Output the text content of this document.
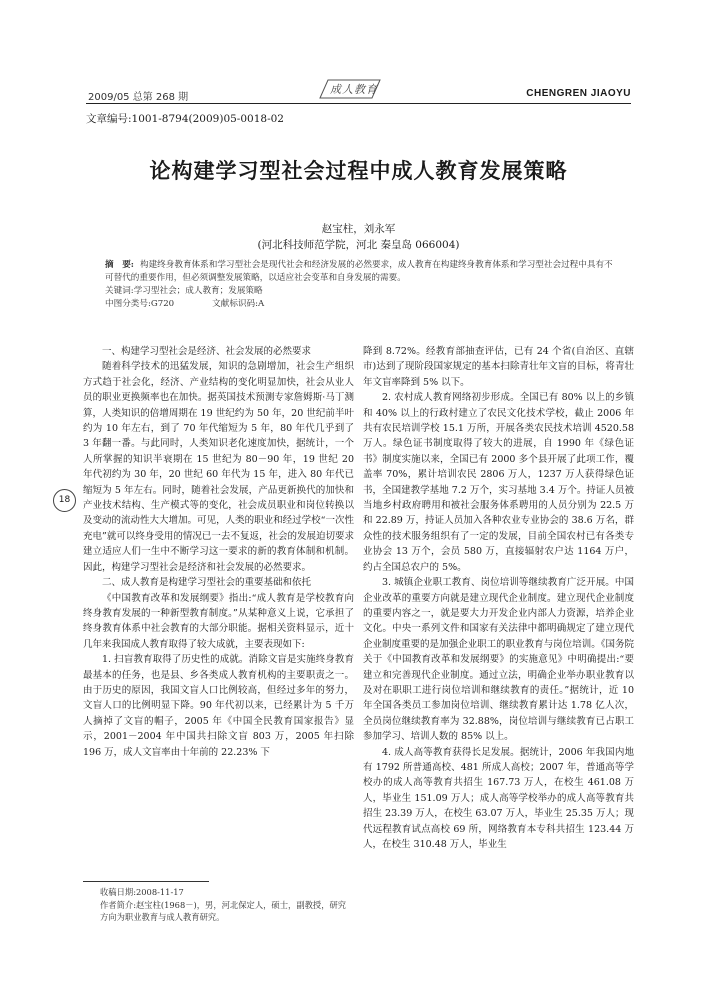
2009/05 总第 268 期
成 人 教 育	CHENGREN JIAOYU
文章编号:1001-8794(2009)05-0018-02
论构建学习型社会过程中成人教育发展策略
赵宝柱，刘永军
(河北科技师范学院，河北 秦皇岛 066004)

摘　要: 构建终身教育体系和学习型社会是现代社会和经济发展的必然要求，成人教育在构建终身教育体系和学习型社会过程中具有不可替代的重要作用，但必须调整发展策略，以适应社会变革和自身发展的需要。

关键词:学习型社会；成人教育；发展策略

中图分类号:G720	文献标识码:A

18

一、构建学习型社会是经济、社会发展的必然要求

随着科学技术的迅猛发展，知识的急剧增加，社会生产组织方式趋于社会化，经济、产业结构的变化明显加快，社会从业人员的职业更换频率也在加快。据英国技术预测专家詹姆斯·马丁测算，人类知识的倍增周期在 19 世纪约为 50 年，20 世纪前半叶约为 10 年左右，到了 70 年代缩短为 5 年，80 年代几乎到了 3 年翻一番。与此同时，人类知识老化速度加快，据统计，一个人所掌握的知识半衰期在 15 世纪为 80－90 年，19 世纪 20 年代初约为 30 年，20 世纪 60 年代为 15 年，进入 80 年代已缩短为 5 年左右。同时，随着社会发展，产品更新换代的加快和产业技术结构、生产模式等的变化，社会成员职业和岗位转换以及变动的流动性大大增加。可见，人类的职业和经过学校“一次性充电”就可以终身受用的情况已一去不复返，社会的发展迫切要求建立适应人们一生中不断学习这一要求的新的教育体制和机制。因此，构建学习型社会是经济和社会发展的必然要求。

二、成人教育是构建学习型社会的重要基础和依托

《中国教育改革和发展纲要》指出:“成人教育是学校教育向终身教育发展的一种新型教育制度。”从某种意义上说，它承担了终身教育体系中社会教育的大部分职能。据相关资料显示，近十几年来我国成人教育取得了较大成就，主要表现如下:

1. 扫盲教育取得了历史性的成就。消除文盲是实施终身教育最基本的任务，也是县、乡各类成人教育机构的主要职责之一。由于历史的原因，我国文盲人口比例较高，但经过多年的努力，文盲人口的比例明显下降。90 年代初以来，已经累计为 5 千万人摘掉了文盲的帽子，2005 年《中国全民教育国家报告》显示，2001－2004 年中国共扫除文盲 803 万，2005 年扫除 196 万，成人文盲率由十年前的 22.23% 下

降到 8.72%。经教育部抽查评估，已有 24 个省(自治区、直辖市)达到了现阶段国家规定的基本扫除青壮年文盲的目标，将青壮年文盲率降到 5% 以下。

2. 农村成人教育网络初步形成。全国已有 80% 以上的乡镇和 40% 以上的行政村建立了农民文化技术学校，截止 2006 年共有农民培训学校 15.1 万所，开展各类农民技术培训 4520.58 万人。绿色证书制度取得了较大的进展，自 1990 年《绿色证书》制度实施以来，全国已有 2000 多个县开展了此项工作，覆盖率 70%，累计培训农民 2806 万人，1237 万人获得绿色证书，全国建教学基地 7.2 万个，实习基地 3.4 万个。持证人员被当地乡村政府聘用和被社会服务体系聘用的人员分别为 22.5 万和 22.89 万，持证人员加入各种农业专业协会的 38.6 万名，群众性的技术服务组织有了一定的发展，目前全国农村已有各类专业协会 13 万个，会员 580 万，直接辐射农户达 1164 万户，约占全国总农户的 5%。

3. 城镇企业职工教育、岗位培训等继续教育广泛开展。中国企业改革的重要方向就是建立现代企业制度。建立现代企业制度的重要内容之一，就是要大力开发企业内部人力资源，培养企业文化。中央一系列文件和国家有关法律中都明确规定了建立现代企业制度重要的是加强企业职工的职业教育与岗位培训。《国务院关于《中国教育改革和发展纲要》的实施意见》中明确提出:“要建立和完善现代企业制度。通过立法，明确企业举办职业教育以及对在职职工进行岗位培训和继续教育的责任。”据统计，近 10 年全国各类员工参加岗位培训、继续教育累计达 1.78 亿人次，全员岗位继续教育率为 32.88%，岗位培训与继续教育已占职工参加学习、培训人数的 85% 以上。

4. 成人高等教育获得长足发展。据统计，2006 年我国内地有 1792 所普通高校、481 所成人高校；2007 年，普通高等学校办的成人高等教育共招生 167.73 万人，在校生 461.08 万人，毕业生 151.09 万人；成人高等学校举办的成人高等教育共招生 23.39 万人，在校生 63.07 万人，毕业生 25.35 万人；现代远程教育试点高校 69 所，网络教育本专科共招生 123.44 万人，在校生 310.48 万人，毕业生

收稿日期:2008-11-17

作者简介:赵宝柱(1968－)，男，河北保定人，硕士，副教授，研究方向为职业教育与成人教育研究。
